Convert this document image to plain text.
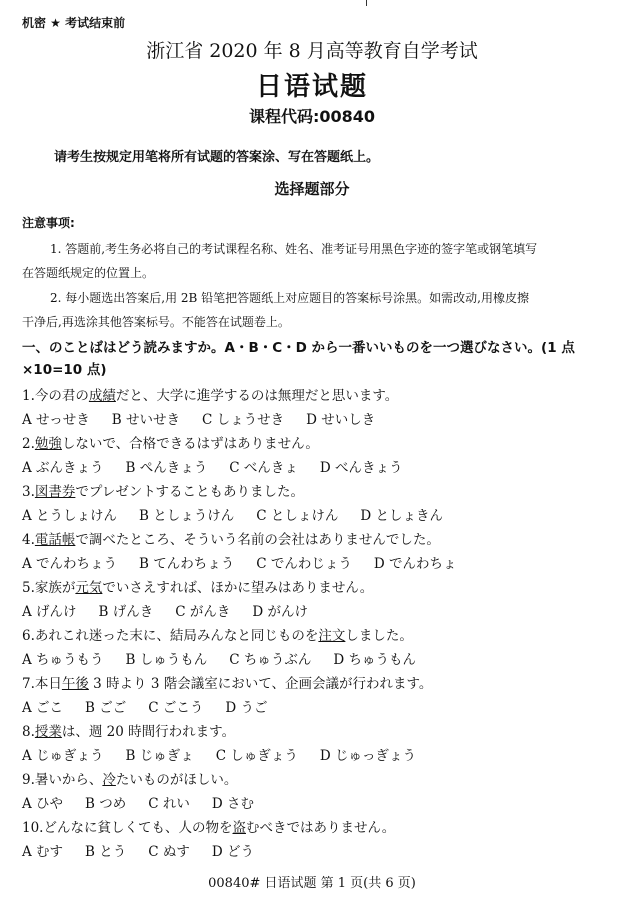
机密 ★ 考试结束前
浙江省 2020 年 8 月高等教育自学考试
日语试题
课程代码:00840
请考生按规定用笔将所有试题的答案涂、写在答题纸上。
选择题部分
注意事项:
1. 答题前,考生务必将自己的考试课程名称、姓名、准考证号用黑色字迹的签字笔或钢笔填写
在答题纸规定的位置上。
2. 每小题选出答案后,用 2B 铅笔把答题纸上对应题目的答案标号涂黑。如需改动,用橡皮擦
干净后,再选涂其他答案标号。不能答在试题卷上。
一、のことばはどう読みますか。A・B・C・D から一番いいものを一つ選びなさい。(1 点×10=10 点)
1.今の君の成績だと、大学に進学するのは無理だと思います。
A せっせき B せいせき C しょうせき D せいしき
2.勉強しないで、合格できるはずはありません。
A ぶんきょう B ぺんきょう C べんきょ D べんきょう
3.図書券でプレゼントすることもありました。
A とうしょけん B としょうけん C としょけん D としょきん
4.電話帳で調べたところ、そういう名前の会社はありませんでした。
A でんわちょう B てんわちょう C でんわじょう D でんわちょ
5.家族が元気でいさえすれば、ほかに望みはありません。
A げんけ B げんき C がんき D がんけ
6.あれこれ迷った末に、結局みんなと同じものを注文しました。
A ちゅうもう B しゅうもん C ちゅうぶん D ちゅうもん
7.本日午後 3 時より 3 階会議室において、企画会議が行われます。
A ごこ B ごご C ごこう D うご
8.授業は、週 20 時間行われます。
A じゅぎょう B じゅぎょ C しゅぎょう D じゅっぎょう
9.暑いから、冷たいものがほしい。
A ひや B つめ C れい D さむ
10.どんなに貧しくても、人の物を盗むべきではありません。
A むす B とう C ぬす D どう
00840# 日语试题 第 1 页(共 6 页)
